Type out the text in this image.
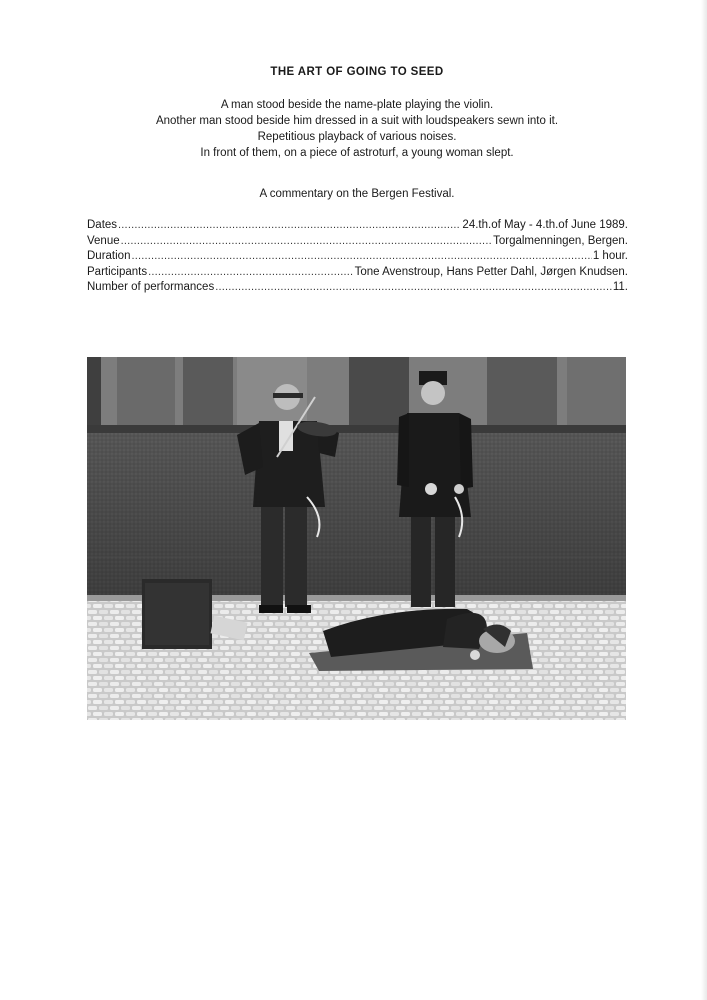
THE ART OF GOING TO SEED
A man stood beside the name-plate playing the violin.
Another man stood beside him dressed in a suit with loudspeakers sewn into it.
Repetitious playback of various noises.
In front of them, on a piece of astroturf, a young woman slept.
A commentary on the Bergen Festival.
Dates .....	24.th.of May - 4.th.of June 1989.
Venue .....	Torgalmenningen, Bergen.
Duration .....	1 hour.
Participants .....	Tone Avenstroup, Hans Petter Dahl, Jørgen Knudsen.
Number of performances .....	11.
